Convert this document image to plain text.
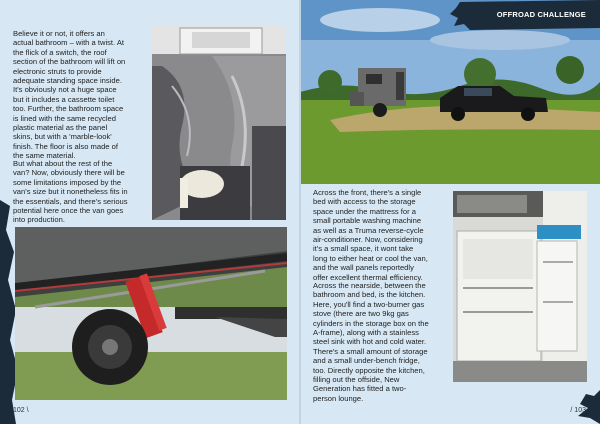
Believe it or not, it offers an
actual bathroom – with a twist. At
the flick of a switch, the roof
section of the bathroom will lift on
electronic struts to provide
adequate standing space inside.
It's obviously not a huge space
but it includes a cassette toilet
too. Further, the bathroom space
is lined with the same recycled
plastic material as the panel
skins, but with a 'marble-look'
finish. The floor is also made of
the same material.

But what about the rest of the
van? Now, obviously there will be
some limitations imposed by the
van's size but it nonetheless fits in
the essentials, and there's serious
potential here once the van goes
into production.

102 \
OFFROAD CHALLENGE

Across the front, there's a single
bed with access to the storage
space under the mattress for a
small portable washing machine
as well as a Truma reverse-cycle
air-conditioner. Now, considering
it's a small space, it wont take
long to either heat or cool the van,
and the wall panels reportedly
offer excellent thermal efficiency.

Across the nearside, between the
bathroom and bed, is the kitchen.
Here, you'll find a two-burner gas
stove (there are two 9kg gas
cylinders in the storage box on the
A-frame), along with a stainless
steel sink with hot and cold water.
There's a small amount of storage
and a small under-bench fridge,
too. Directly opposite the kitchen,
filling out the offside, New
Generation has fitted a two-
person lounge.

/ 103
